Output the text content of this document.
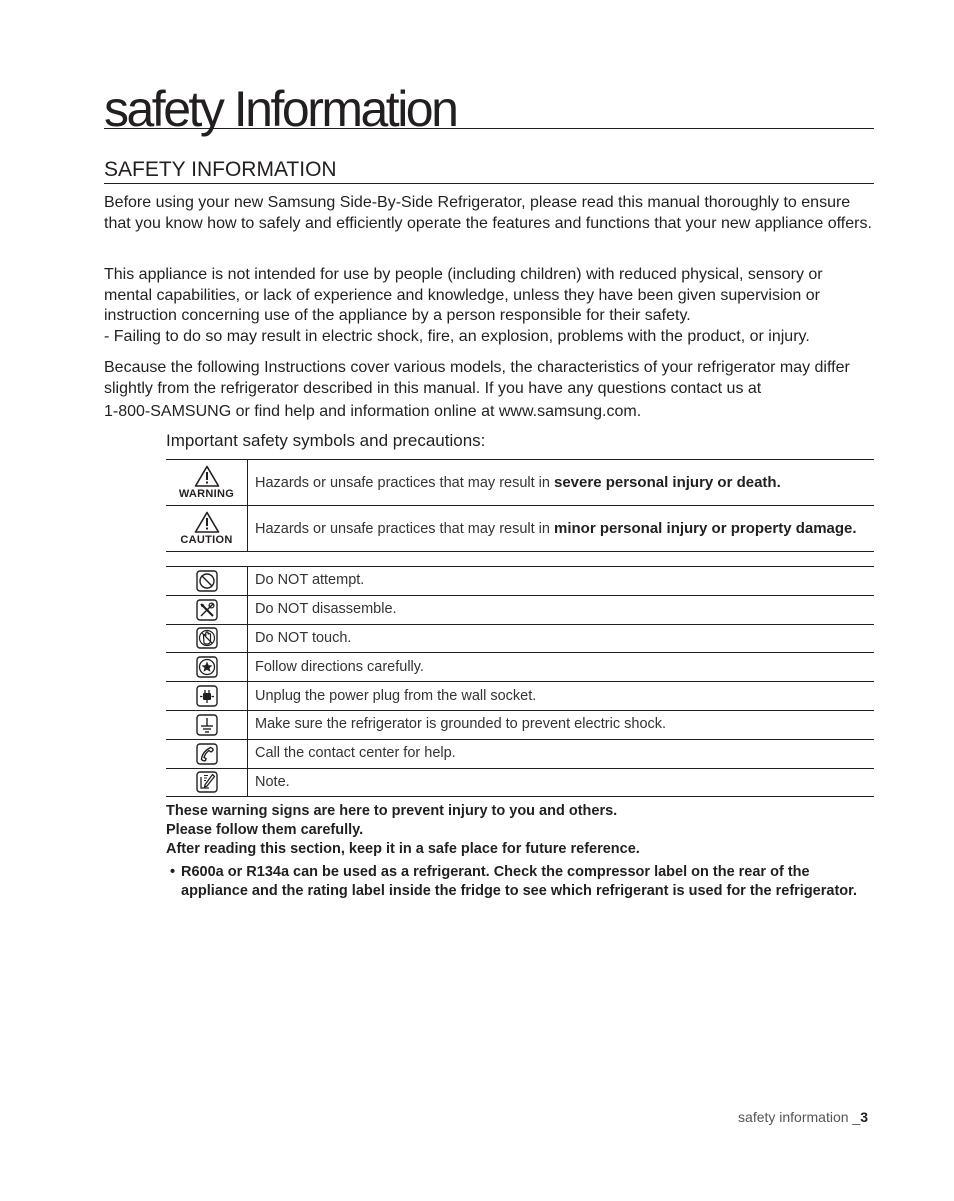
safety Information
SAFETY INFORMATION

Before using your new Samsung Side-By-Side Refrigerator, please read this manual thoroughly to ensure that you know how to safely and efficiently operate the features and functions that your new appliance offers.

This appliance is not intended for use by people (including children) with reduced physical, sensory or mental capabilities, or lack of experience and knowledge, unless they have been given supervision or instruction concerning use of the appliance by a person responsible for their safety.
- Failing to do so may result in electric shock, fire, an explosion, problems with the product, or injury.

Because the following Instructions cover various models, the characteristics of your refrigerator may differ slightly from the refrigerator described in this manual. If you have any questions contact us at
1-800-SAMSUNG or find help and information online at www.samsung.com.

Important safety symbols and precautions:
WARNING	Hazards or unsafe practices that may result in severe personal injury or death.

CAUTION	Hazards or unsafe practices that may result in minor personal injury or property damage.
	Do NOT attempt.
	Do NOT disassemble.
	Do NOT touch.
	Follow directions carefully.
	Unplug the power plug from the wall socket.
	Make sure the refrigerator is grounded to prevent electric shock.
	Call the contact center for help.
	Note.
These warning signs are here to prevent injury to you and others.
Please follow them carefully.
After reading this section, keep it in a safe place for future reference.
• R600a or R134a can be used as a refrigerant. Check the compressor label on the rear of the appliance and the rating label inside the fridge to see which refrigerant is used for the refrigerator.
safety information _3
